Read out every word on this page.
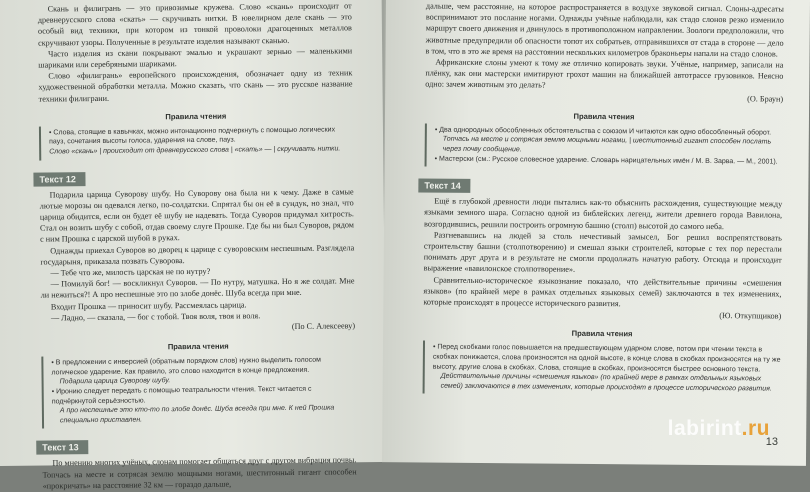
Скань и филигрань — это привозимые кружева. Слово «скань» происходит от древнерусского слова «скать» — скручивать нитки. В ювелирном деле скань — это особый вид техники, при котором из тонкой проволоки драгоценных металлов скручивают узоры. Полученные в результате изделия называют сканью.

Часто изделия из скани покрывают эмалью и украшают зернью — маленькими шариками или серебряными шариками.

Слово «филигрань» европейского происхождения, обозначает одну из техник художественной обработки металла. Можно сказать, что скань — это русское название техники филиграни.

Правила чтения
• Слова, стоящие в кавычках, можно интонационно подчеркнуть с помощью логических пауз, сочетания высоты голоса, ударения на слове, пауз.
Слово «скань» | происходит от древнерусского слова | «скать» — | скручивать нитки.
Текст 12

Подарила царица Суворову шубу. Но Суворову она была ни к чему. Даже в самые лютые морозы он одевался легко, по-солдатски. Спрятал бы он её в сундук, но знал, что царица обидится, если он будет её шубу не надевать. Тогда Суворов придумал хитрость. Стал он возить шубу с собой, отдав своему слуге Прошке. Где бы ни был Суворов, рядом с ним Прошка с царской шубой в руках.

Однажды приехал Суворов во дворец к царице с суворовским неспешным. Разглядела государыня, приказала позвать Суворова.

— Тебе что же, милость царская не по нутру?

— Помилуй бог! — воскликнул Суворов. — По нутру, матушка. Но я же солдат. Мне ли нежиться?! А про неспешные это по злобе донёс. Шуба всегда при мне.

Входит Прошка — приносит шубу. Рассмеялась царица.

— Ладно, — сказала, — бог с тобой. Твоя воля, твоя и воля.

(По С. Алексееву)

Правила чтения
• В предложении с инверсией (обратным порядком слов) нужно выделить голосом логическое ударение. Как правило, это слово находится в конце предложения.
Подарила царица Суворову шубу.
• Иронию следует передать с помощью театральности чтения. Текст читается с подчёркнутой серьёзностью.
А про неспешные это кто-то по злобе донёс. Шуба всегда при мне. К ней Прошка специально приставлен.
Текст 13

По мнению многих учёных, слонам помогает общаться друг с другом вибрация почвы. Топчась на месте и сотрясая землю мощными ногами, шеститонный гигант способен «прокричать» на расстояние 32 км — гораздо дальше,

дальше, чем расстояние, на которое распространяется в воздухе звуковой сигнал. Слоны-адресаты воспринимают это послание ногами. Однажды учёные наблюдали, как стадо слонов резко изменило маршрут своего движения и двинулось в противоположном направлении. Зоологи предположили, что животные предупредили об опасности топот их собратьев, отправившихся от стада в стороне — дело в том, что в это же время на расстоянии нескольких километров браконьеры напали на стадо слонов.

Африканские слоны умеют к тому же отлично копировать звуки. Учёные, например, записали на плёнку, как они мастерски имитируют грохот машин на ближайшей автотрассе грузовиков. Неясно одно: зачем животным это делать?

(О. Браун)

Правила чтения
• Два однородных обособленных обстоятельства с союзом И читаются как одно обособленный оборот.
Топчась на месте и сотрясая землю мощными ногами, | шеститонный гигант способен послать через почву сообщение.
• Мастерски (см.: Русское словесное ударение. Словарь нарицательных имён / М. В. Зарва. — М., 2001).
Текст 14

Ещё в глубокой древности люди пытались как-то объяснить расхождения, существующие между языками земного шара. Согласно одной из библейских легенд, жители древнего города Вавилона, возгордившись, решили построить огромную башню (столп) высотой до самого неба.

Разгневавшись на людей за столь нечестивый замысел, Бог решил воспрепятствовать строительству башни (столпотворению) и смешал языки строителей, которые с тех пор перестали понимать друг друга и в результате не смогли продолжать начатую работу. Отсюда и происходит выражение «вавилонское столпотворение».

Сравнительно-историческое языкознание показало, что действительные причины «смешения языков» (по крайней мере в рамках отдельных языковых семей) заключаются в тех изменениях, которые происходят в процессе исторического развития.

(Ю. Откупщиков)

Правила чтения
• Перед скобками голос повышается на предшествующем ударном слове, потом при чтении текста в скобках понижается, слова произносятся на одной высоте, в конце слова в скобках произносятся на ту же высоту, другие слова в скобках. Слова, стоящие в скобках, произносятся быстрее основного текста.
Действительные причины «смешения языков» (по крайней мере в рамках отдельных языковых семей) заключаются в тех изменениях, которые происходят в процессе исторического развития.
13
labirint.ru
